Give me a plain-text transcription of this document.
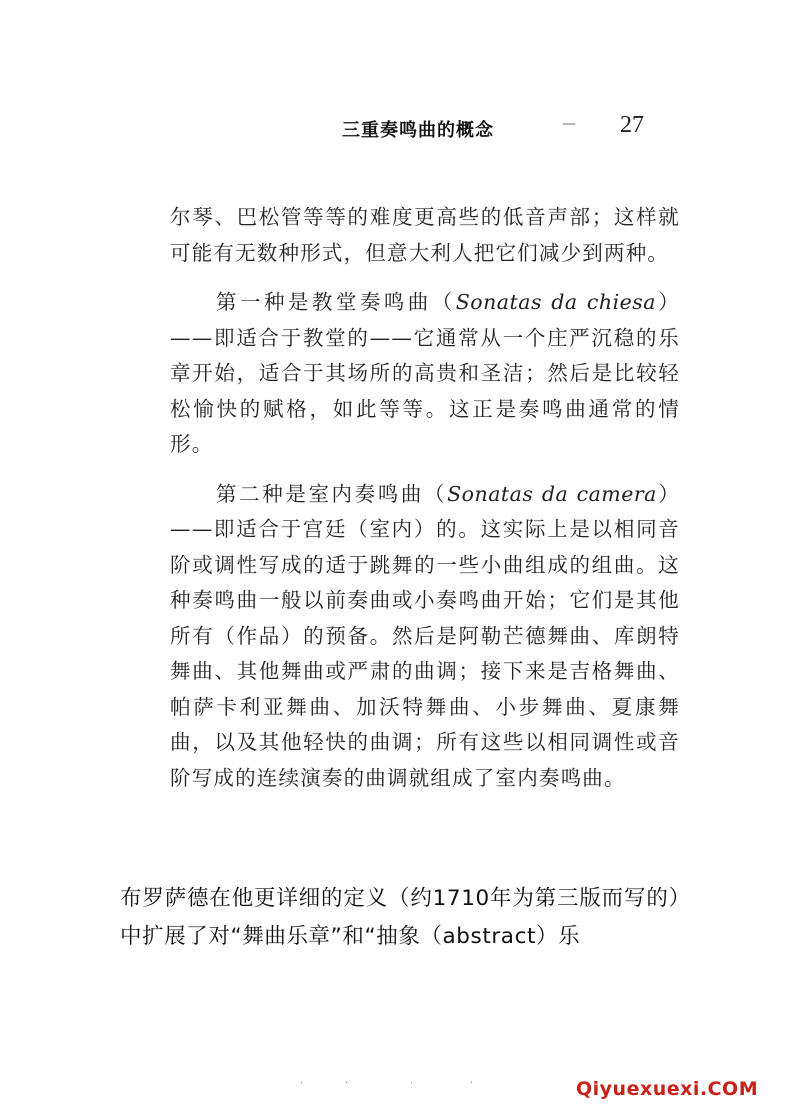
三重奏鸣曲的概念	— 27

尔琴、巴松管等等的难度更高些的低音声部；这样就可能有无数种形式，但意大利人把它们减少到两种。

第一种是教堂奏鸣曲（Sonatas da chiesa）——即适合于教堂的——它通常从一个庄严沉稳的乐章开始，适合于其场所的高贵和圣洁；然后是比较轻松愉快的赋格，如此等等。这正是奏鸣曲通常的情形。

第二种是室内奏鸣曲（Sonatas da camera）——即适合于宫廷（室内）的。这实际上是以相同音阶或调性写成的适于跳舞的一些小曲组成的组曲。这种奏鸣曲一般以前奏曲或小奏鸣曲开始；它们是其他所有（作品）的预备。然后是阿勒芒德舞曲、库朗特舞曲、其他舞曲或严肃的曲调；接下来是吉格舞曲、帕萨卡利亚舞曲、加沃特舞曲、小步舞曲、夏康舞曲，以及其他轻快的曲调；所有这些以相同调性或音阶写成的连续演奏的曲调就组成了室内奏鸣曲。

布罗萨德在他更详细的定义（约1710年为第三版而写的）中扩展了对“舞曲乐章”和“抽象（abstract）乐

·	·	·	·	Qiyuexuexi.COM
